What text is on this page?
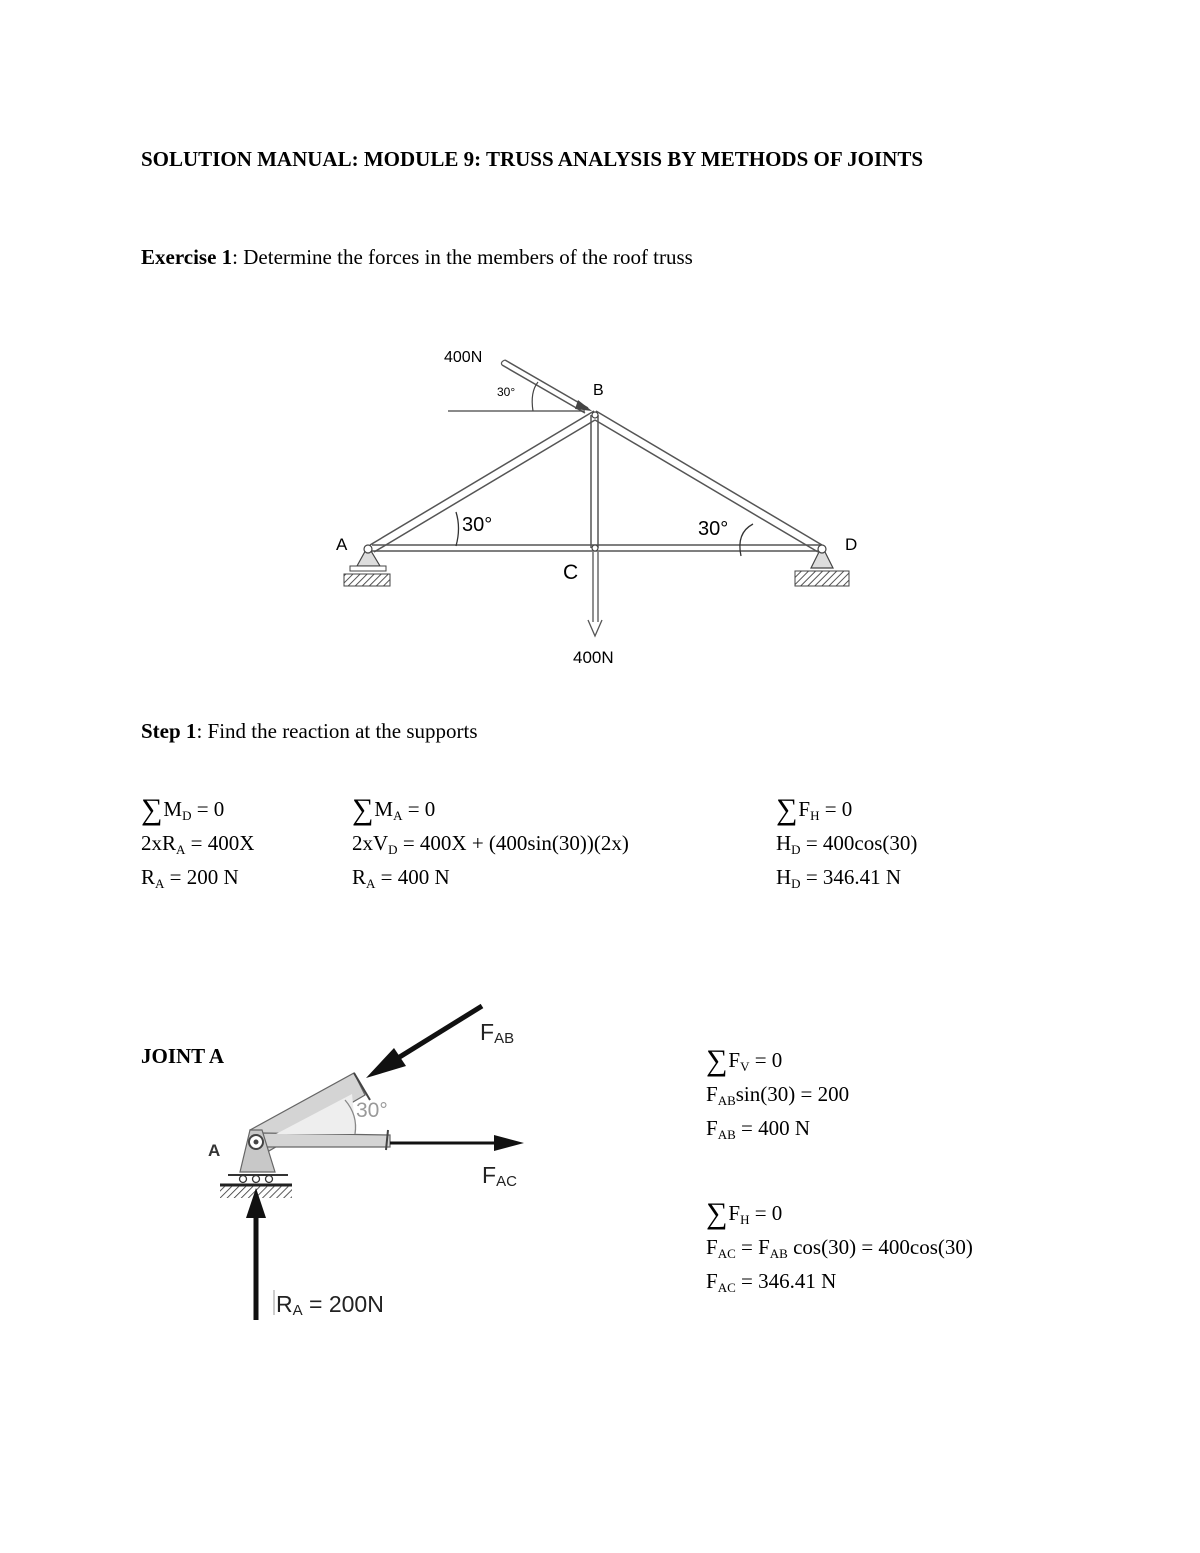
SOLUTION MANUAL: MODULE 9: TRUSS ANALYSIS BY METHODS OF JOINTS
Exercise 1: Determine the forces in the members of the roof truss
400N
30°	B
A
C
D
30°	30°
400N
Step 1: Find the reaction at the supports
$\sum M_D = 0$
$2xR_A = 400X$
$R_A = 200$ N
$\sum M_A = 0$
$2xV_D = 400X + (400\sin(30))(2x)$
$R_A = 400$ N
$\sum F_H = 0$
$H_D = 400\cos(30)$
$H_D = 346.41$ N
JOINT A
FAB
FAC
30°
A
RA = 200N
$\sum F_V = 0$
$F_{AB}\sin(30) = 200$
$F_{AB} = 400$ N
$\sum F_H = 0$
$F_{AC} = F_{AB}$ cos(30) = 400cos(30)
$F_{AC} = 346.41$ N
